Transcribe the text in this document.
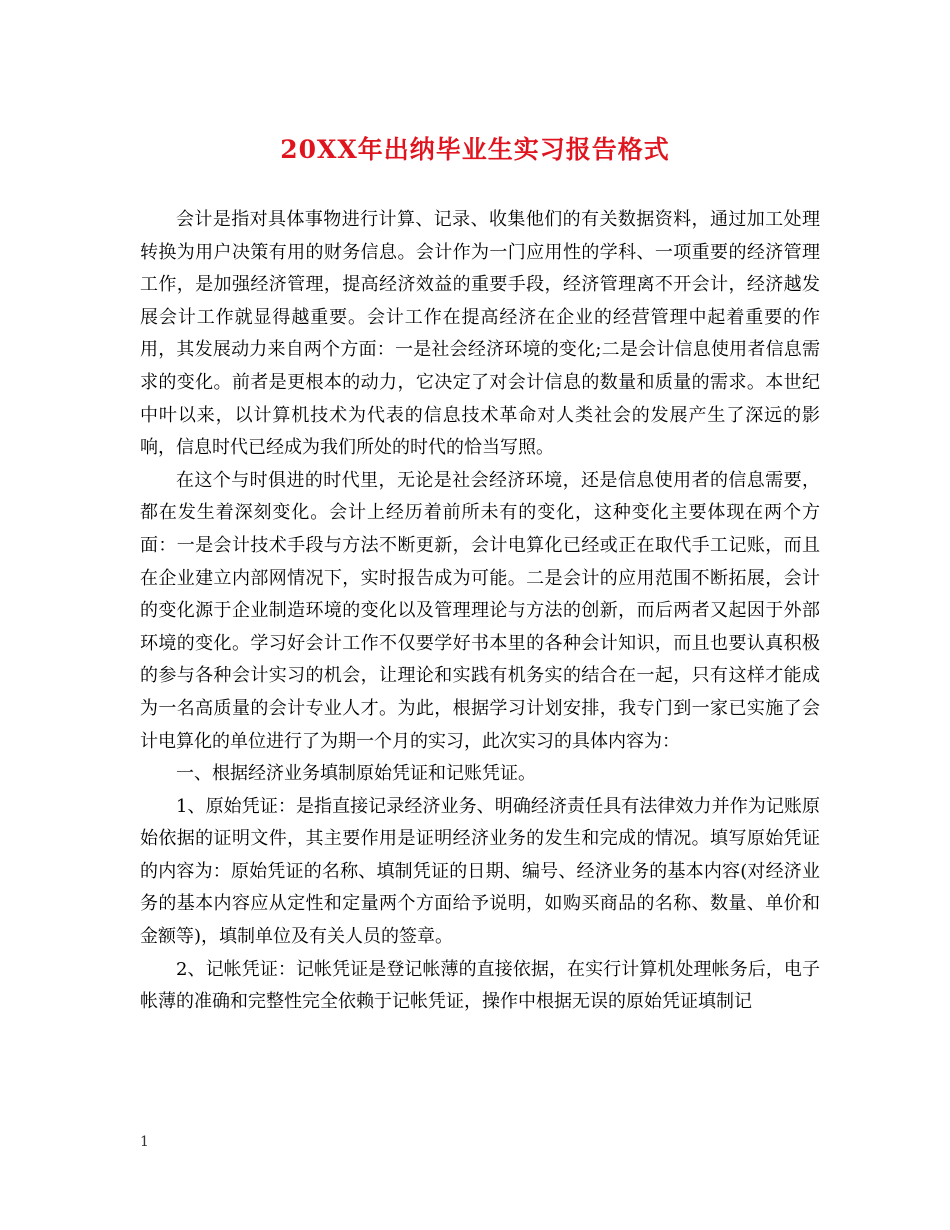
20XX年出纳毕业生实习报告格式

会计是指对具体事物进行计算、记录、收集他们的有关数据资料，通过加工处理转换为用户决策有用的财务信息。会计作为一门应用性的学科、一项重要的经济管理工作，是加强经济管理，提高经济效益的重要手段，经济管理离不开会计，经济越发展会计工作就显得越重要。会计工作在提高经济在企业的经营管理中起着重要的作用，其发展动力来自两个方面：一是社会经济环境的变化;二是会计信息使用者信息需求的变化。前者是更根本的动力，它决定了对会计信息的数量和质量的需求。本世纪中叶以来，以计算机技术为代表的信息技术革命对人类社会的发展产生了深远的影响，信息时代已经成为我们所处的时代的恰当写照。

在这个与时俱进的时代里，无论是社会经济环境，还是信息使用者的信息需要，都在发生着深刻变化。会计上经历着前所未有的变化，这种变化主要体现在两个方面：一是会计技术手段与方法不断更新，会计电算化已经或正在取代手工记账，而且在企业建立内部网情况下，实时报告成为可能。二是会计的应用范围不断拓展，会计的变化源于企业制造环境的变化以及管理理论与方法的创新，而后两者又起因于外部环境的变化。学习好会计工作不仅要学好书本里的各种会计知识，而且也要认真积极的参与各种会计实习的机会，让理论和实践有机务实的结合在一起，只有这样才能成为一名高质量的会计专业人才。为此，根据学习计划安排，我专门到一家已实施了会计电算化的单位进行了为期一个月的实习，此次实习的具体内容为：

一、根据经济业务填制原始凭证和记账凭证。

1、原始凭证：是指直接记录经济业务、明确经济责任具有法律效力并作为记账原始依据的证明文件，其主要作用是证明经济业务的发生和完成的情况。填写原始凭证的内容为：原始凭证的名称、填制凭证的日期、编号、经济业务的基本内容(对经济业务的基本内容应从定性和定量两个方面给予说明，如购买商品的名称、数量、单价和金额等)，填制单位及有关人员的签章。

2、记帐凭证：记帐凭证是登记帐薄的直接依据，在实行计算机处理帐务后，电子帐薄的准确和完整性完全依赖于记帐凭证，操作中根据无误的原始凭证填制记

1
